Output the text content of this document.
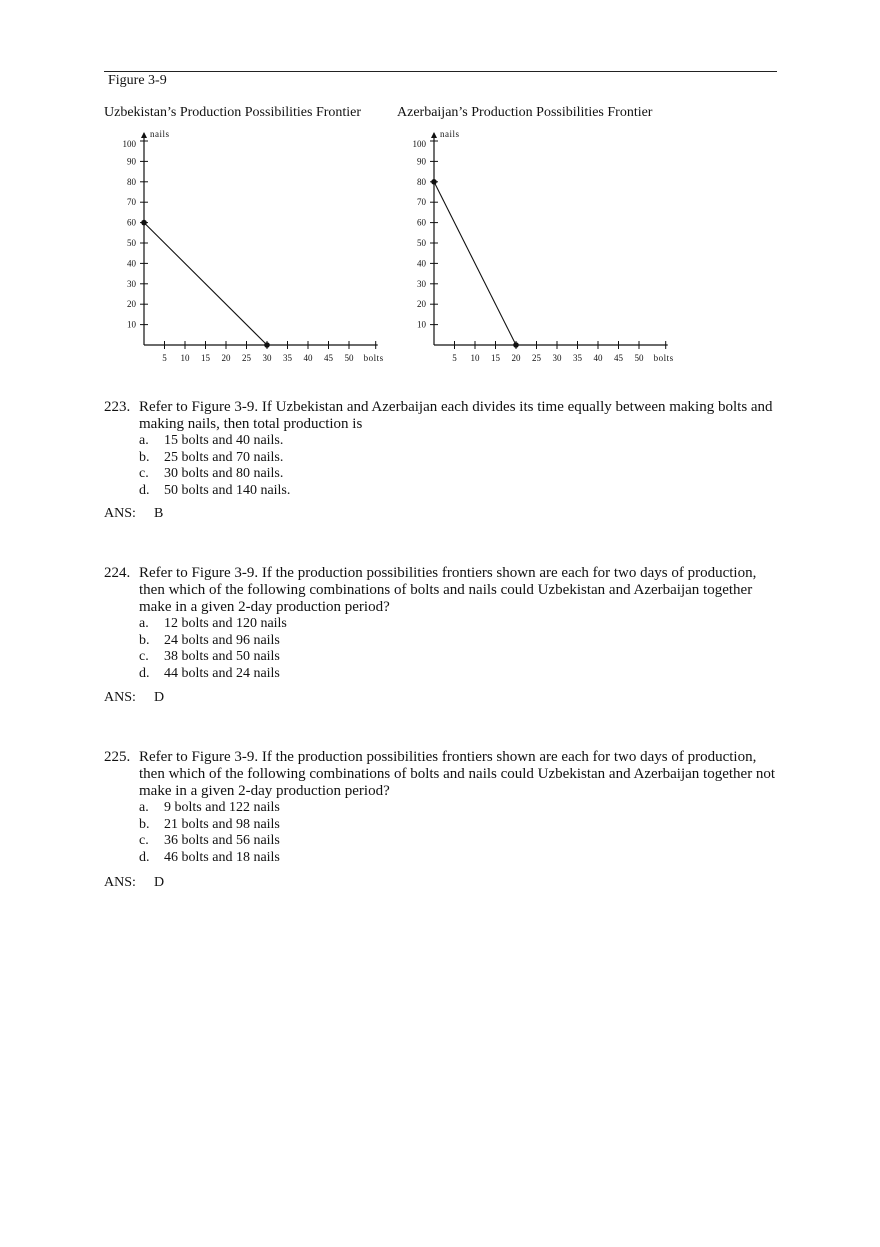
Figure 3-9
Uzbekistan’s Production Possibilities Frontier	Azerbaijan’s Production Possibilities Frontier
10
20
30
40
50
60
70
80
90
100
5 10 15 20 25 30 35 40 45 50
nails
bolts
10
20
30
40
50
60
70
80
90
100
5 10 15 20 25 30 35 40 45 50
nails
bolts
223. Refer to Figure 3-9. If Uzbekistan and Azerbaijan each divides its time equally between making bolts and making nails, then total production is
a.	15 bolts and 40 nails.
b.	25 bolts and 70 nails.
c.	30 bolts and 80 nails.
d.	50 bolts and 140 nails.
ANS: B
224. Refer to Figure 3-9. If the production possibilities frontiers shown are each for two days of production, then which of the following combinations of bolts and nails could Uzbekistan and Azerbaijan together make in a given 2-day production period?
a.	12 bolts and 120 nails
b.	24 bolts and 96 nails
c.	38 bolts and 50 nails
d.	44 bolts and 24 nails
ANS: D
225. Refer to Figure 3-9. If the production possibilities frontiers shown are each for two days of production, then which of the following combinations of bolts and nails could Uzbekistan and Azerbaijan together not make in a given 2-day production period?
a.	9 bolts and 122 nails
b.	21 bolts and 98 nails
c.	36 bolts and 56 nails
d.	46 bolts and 18 nails
ANS: D
